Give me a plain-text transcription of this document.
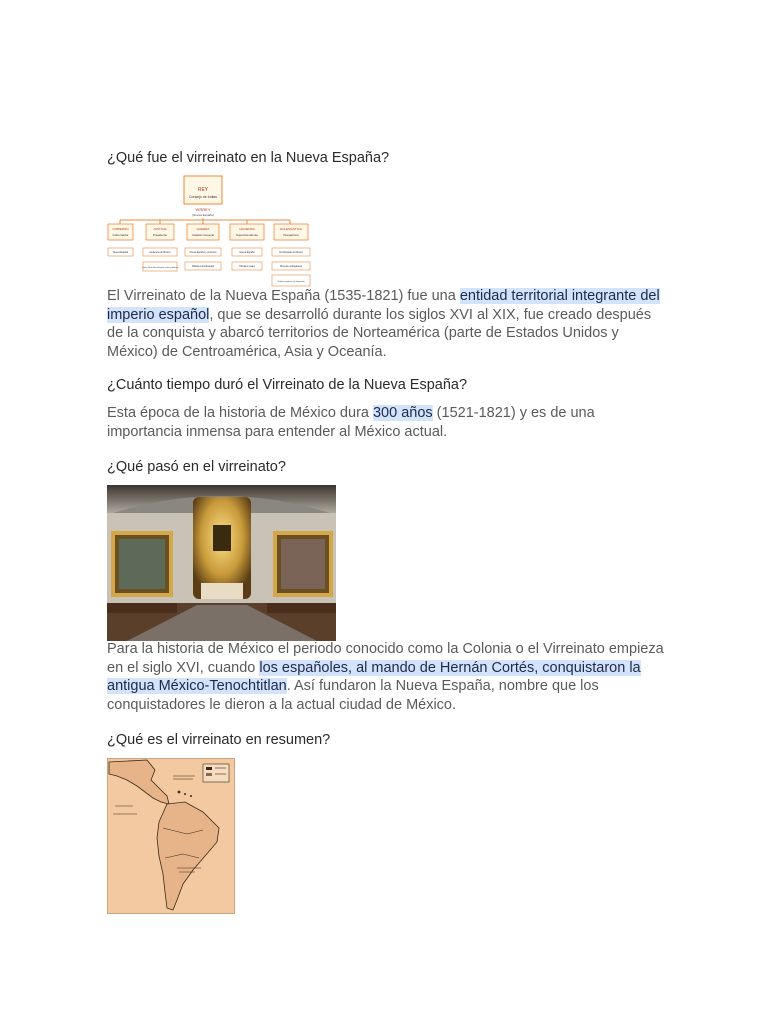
¿Qué fue el virreinato en la Nueva España?
REY
Consejo de Indias
VIRREY
(Nueva España)
GOBIERNO
Gobernador
JUSTICIA
Presidente
GUERRA
Capitán General
HACIENDA
Superintendente
ECLESIÁSTICA
Vicepatrono
Nueva España	Audiencia de México
Juntas Jdo de Nueva España ciudad y gobierno
Nueva España y provincia
Milicias subordinadas
Nueva España
Oficiales reales
Arzobispado de México
Diócesis sufragáneas
Órdenes regulares y la Inquisición

El Virreinato de la Nueva España (1535-1821) fue una entidad territorial integrante del imperio español, que se desarrolló durante los siglos XVI al XIX, fue creado después de la conquista y abarcó territorios de Norteamérica (parte de Estados Unidos y México) de Centroamérica, Asia y Oceanía.

¿Cuánto tiempo duró el Virreinato de la Nueva España?

Esta época de la historia de México dura 300 años (1521-1821) y es de una importancia inmensa para entender al México actual.

¿Qué pasó en el virreinato?

Para la historia de México el periodo conocido como la Colonia o el Virreinato empieza en el siglo XVI, cuando los españoles, al mando de Hernán Cortés, conquistaron la antigua México-Tenochtitlan. Así fundaron la Nueva España, nombre que los conquistadores le dieron a la actual ciudad de México.

¿Qué es el virreinato en resumen?
